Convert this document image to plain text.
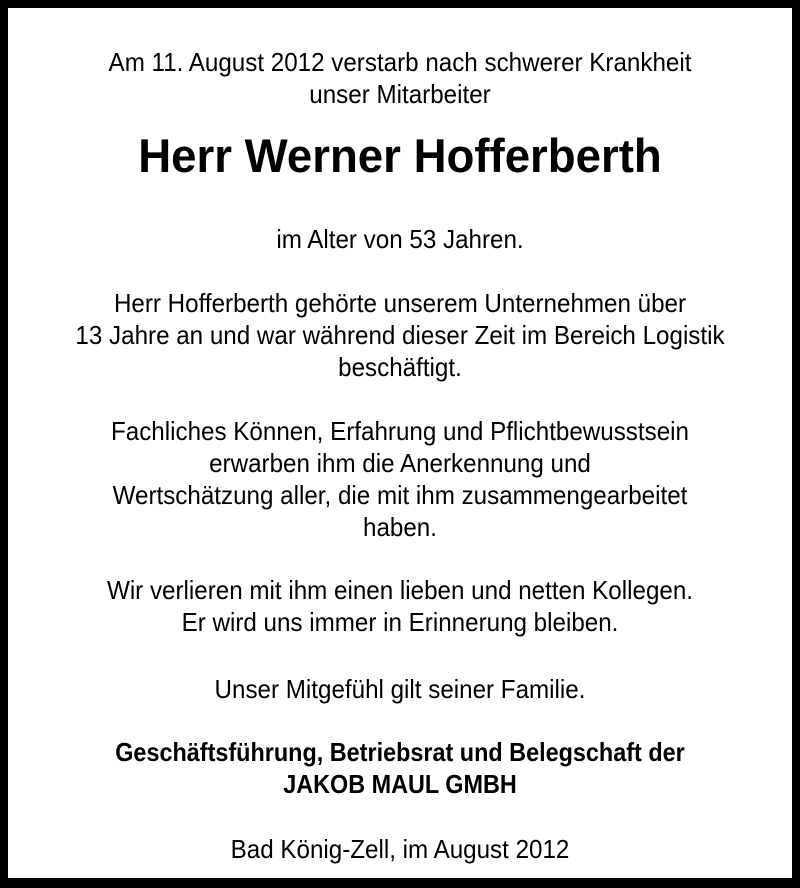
Am 11. August 2012 verstarb nach schwerer Krankheit
unser Mitarbeiter
Herr Werner Hofferberth
im Alter von 53 Jahren.
Herr Hofferberth gehörte unserem Unternehmen über
13 Jahre an und war während dieser Zeit im Bereich Logistik
beschäftigt.
Fachliches Können, Erfahrung und Pflichtbewusstsein
erwarben ihm die Anerkennung und
Wertschätzung aller, die mit ihm zusammengearbeitet
haben.
Wir verlieren mit ihm einen lieben und netten Kollegen.
Er wird uns immer in Erinnerung bleiben.
Unser Mitgefühl gilt seiner Familie.
Geschäftsführung, Betriebsrat und Belegschaft der
JAKOB MAUL GMBH
Bad König-Zell, im August 2012
